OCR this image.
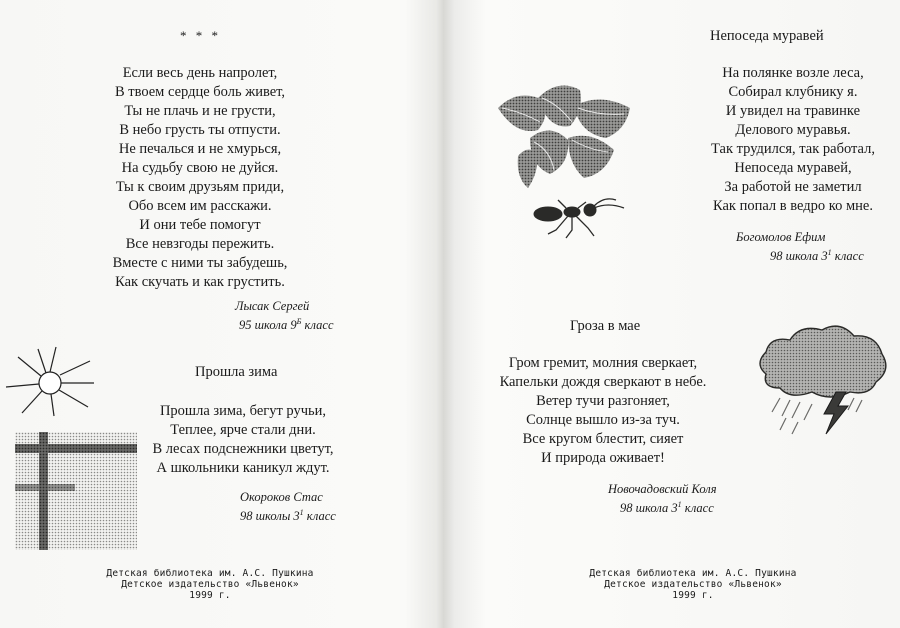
* * *
Если весь день напролет,
В твоем сердце боль живет,
Ты не плачь и не грусти,
В небо грусть ты отпусти.
Не печалься и не хмурься,
На судьбу свою не дуйся.
Ты к своим друзьям приди,
Обо всем им расскажи.
И они тебе помогут
Все невзгоды пережить.
Вместе с ними ты забудешь,
Как скучать и как грустить.
Лысак Сергей
95 школа $9^Б$ класс
Прошла зима
Прошла зима, бегут ручьи,
Теплее, ярче стали дни.
В лесах подснежники цветут,
А школьники каникул ждут.
Окороков Стас
98 школы $3^1$ класс
Детская библиотека им. А.С. Пушкина
Детское издательство «Львенок»
1999 г.
Непоседа муравей
На полянке возле леса,
Собирал клубнику я.
И увидел на травинке
Делового муравья.
Так трудился, так работал,
Непоседа муравей,
За работой не заметил
Как попал в ведро ко мне.
Богомолов Ефим
98 школа $3^1$ класс
Гроза в мае
Гром гремит, молния сверкает,
Капельки дождя сверкают в небе.
Ветер тучи разгоняет,
Солнце вышло из-за туч.
Все кругом блестит, сияет
И природа оживает!
Новочадовский Коля
98 школа $3^1$ класс
Детская библиотека им. А.С. Пушкина
Детское издательство «Львенок»
1999 г.
